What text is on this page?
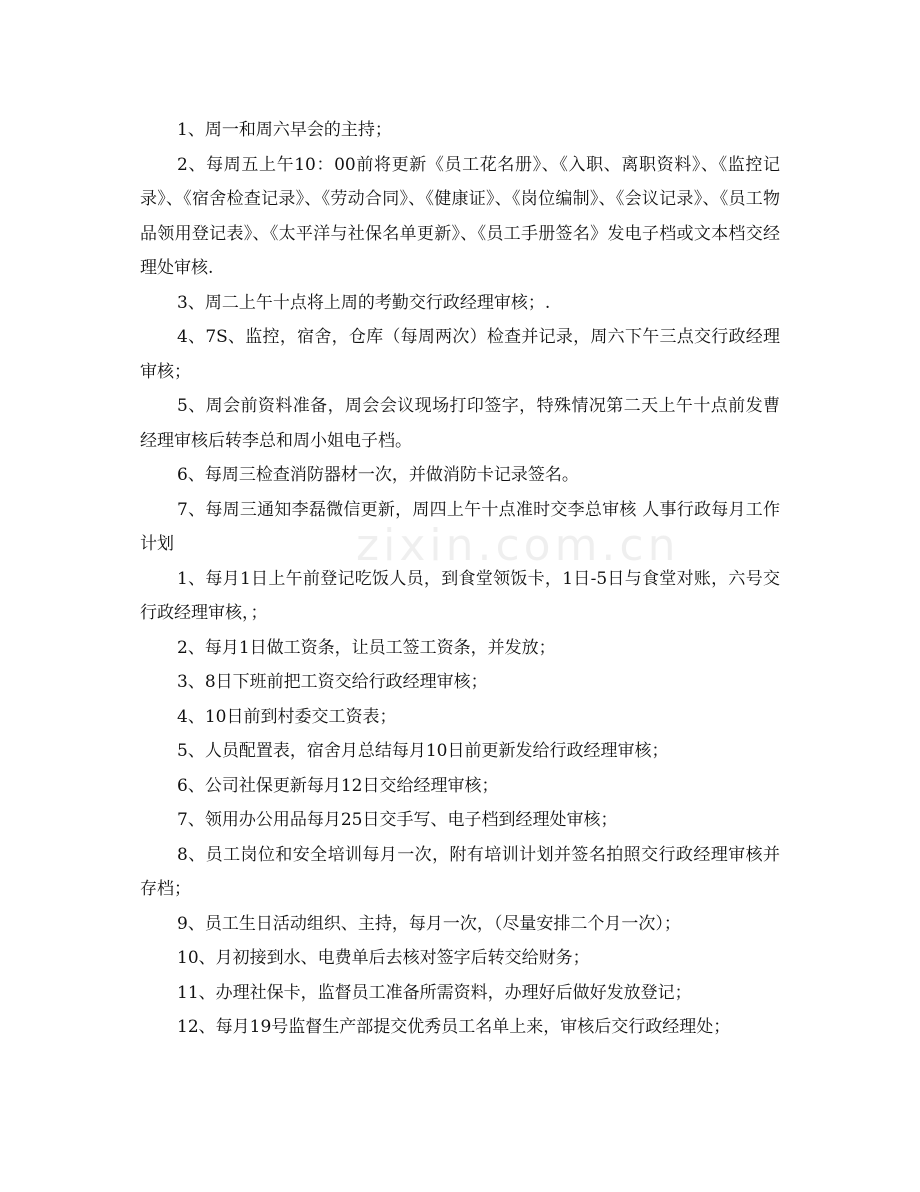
1、周一和周六早会的主持；

2、每周五上午10：00前将更新《员工花名册》、《入职、离职资料》、《监控记录》、《宿舍检查记录》、《劳动合同》、《健康证》、《岗位编制》、《会议记录》、《员工物品领用登记表》、《太平洋与社保名单更新》、《员工手册签名》发电子档或文本档交经理处审核.

3、周二上午十点将上周的考勤交行政经理审核；.

4、7S、监控，宿舍，仓库（每周两次）检查并记录，周六下午三点交行政经理审核；

5、周会前资料准备，周会会议现场打印签字，特殊情况第二天上午十点前发曹经理审核后转李总和周小姐电子档。

6、每周三检查消防器材一次，并做消防卡记录签名。

7、每周三通知李磊微信更新，周四上午十点准时交李总审核 人事行政每月工作计划

1、每月1日上午前登记吃饭人员，到食堂领饭卡，1日-5日与食堂对账，六号交行政经理审核，；

2、每月1日做工资条，让员工签工资条，并发放；

3、8日下班前把工资交给行政经理审核；

4、10日前到村委交工资表；

5、人员配置表，宿舍月总结每月10日前更新发给行政经理审核；

6、公司社保更新每月12日交给经理审核；

7、领用办公用品每月25日交手写、电子档到经理处审核；

8、员工岗位和安全培训每月一次，附有培训计划并签名拍照交行政经理审核并存档；

9、员工生日活动组织、主持，每月一次，（尽量安排二个月一次）；

10、月初接到水、电费单后去核对签字后转交给财务；

11、办理社保卡，监督员工准备所需资料，办理好后做好发放登记；

12、每月19号监督生产部提交优秀员工名单上来，审核后交行政经理处；

zixin.com.cn
